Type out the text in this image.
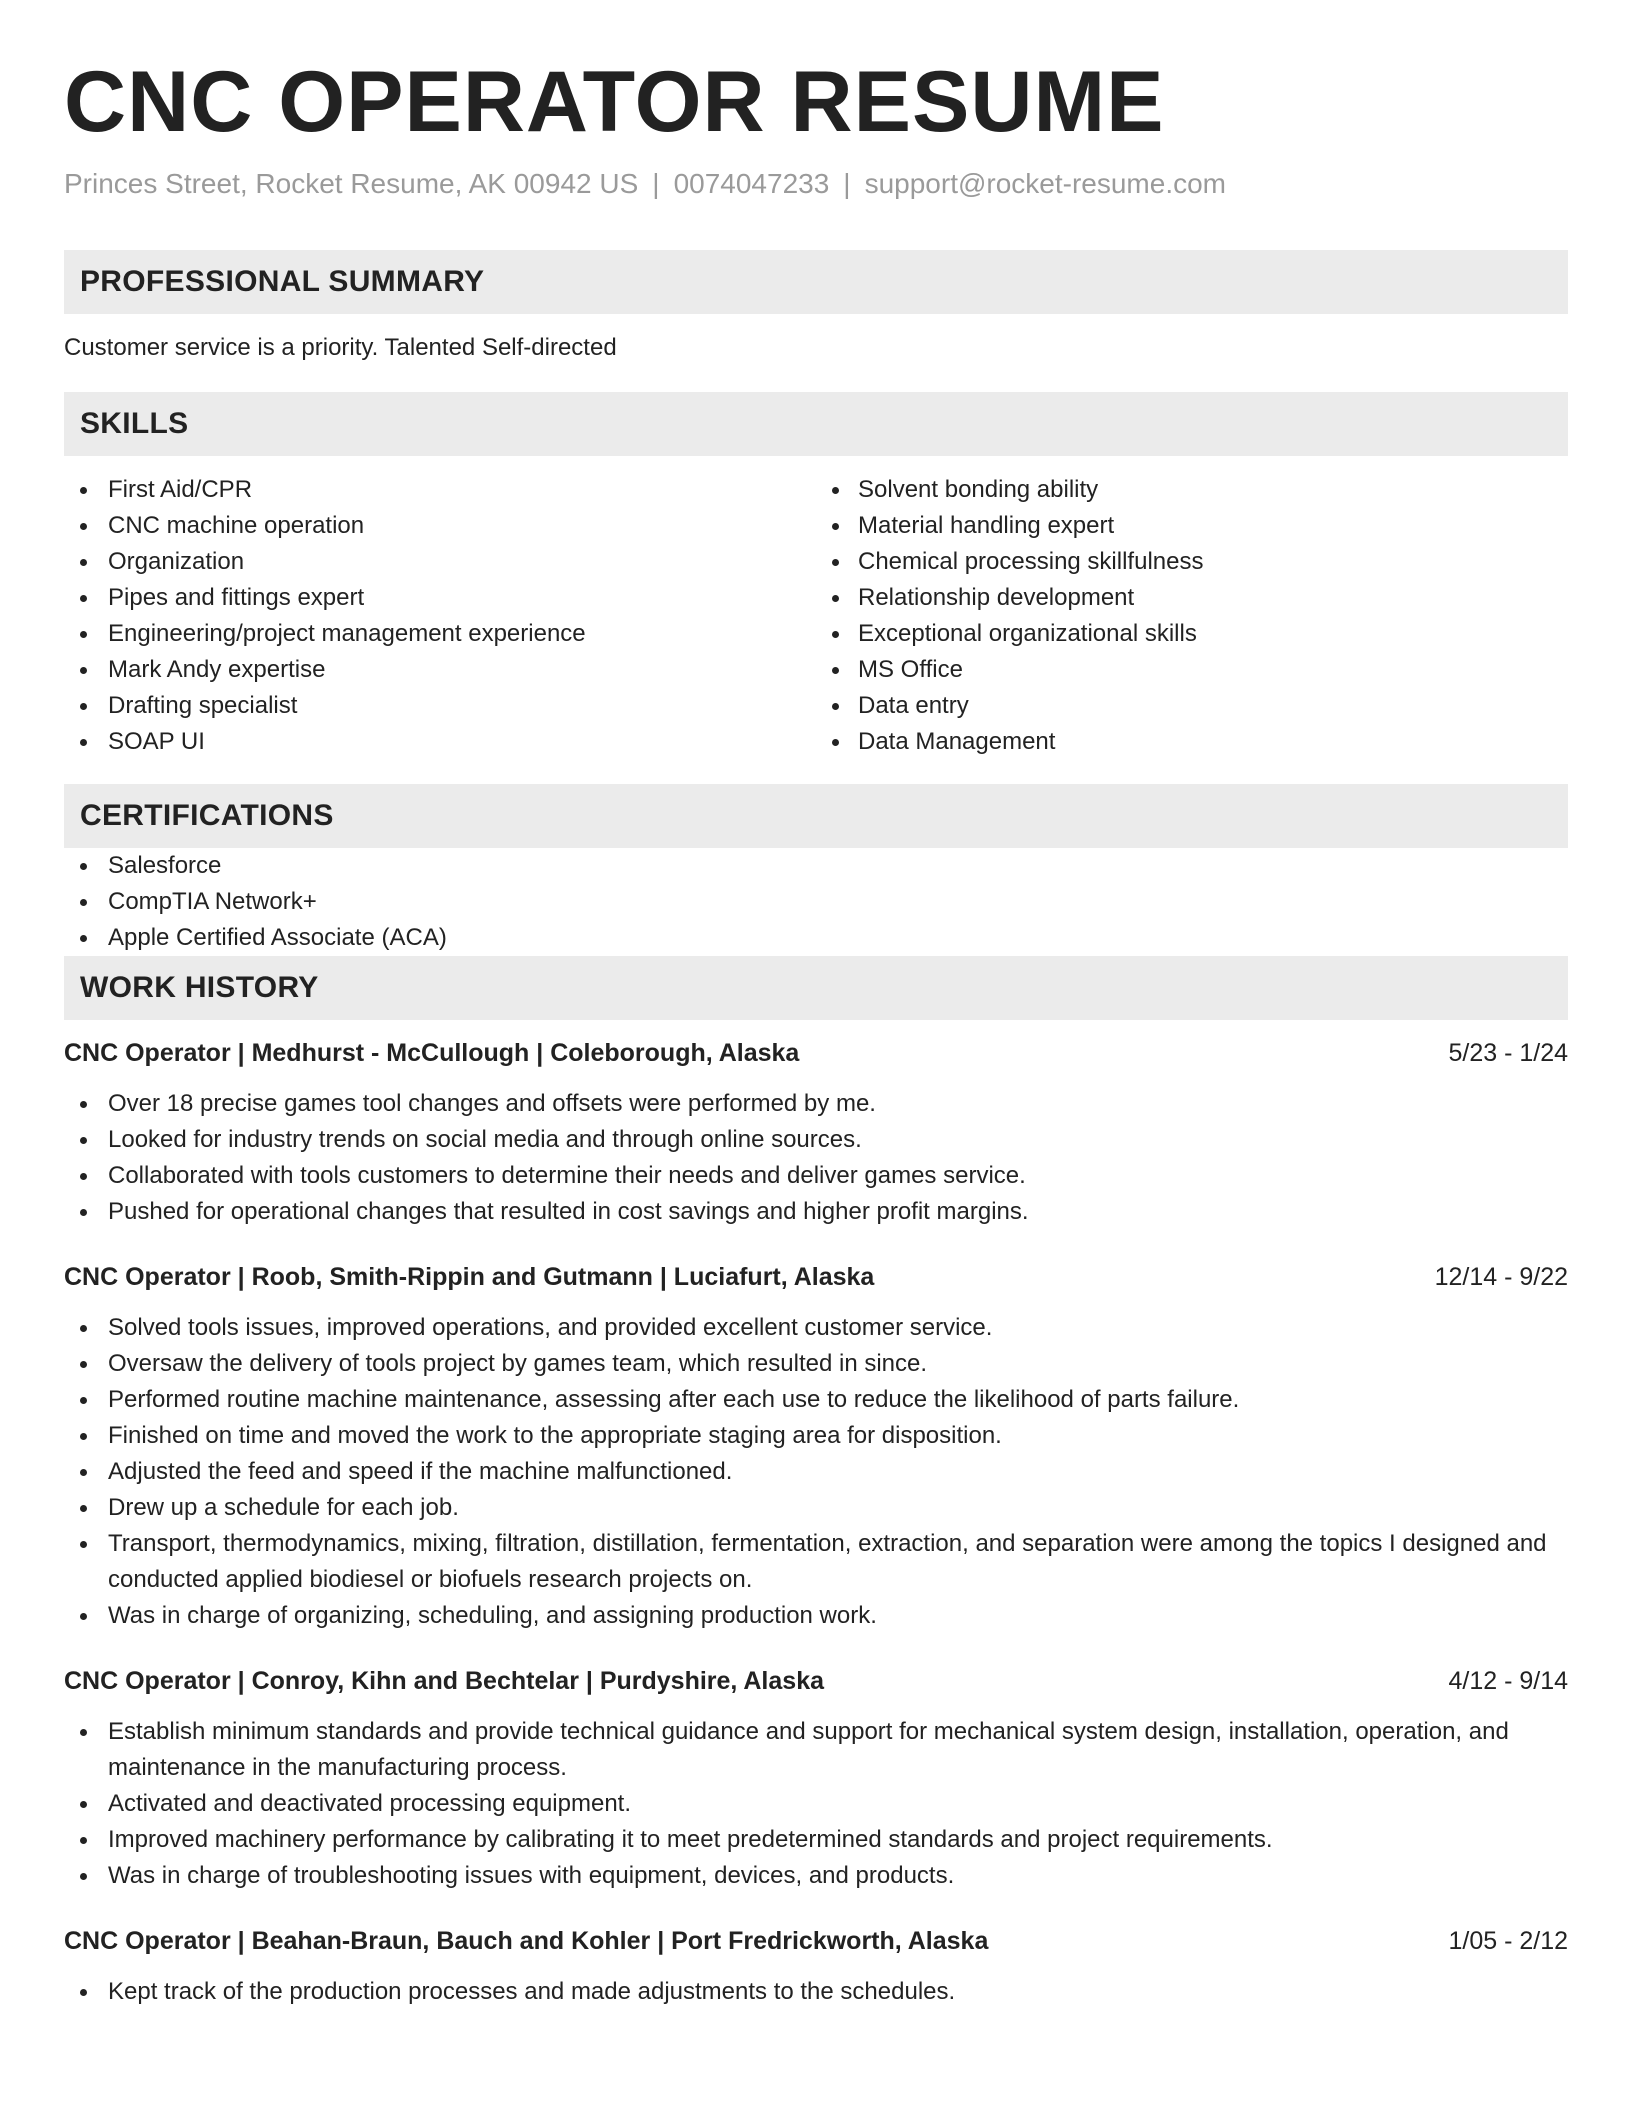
CNC OPERATOR RESUME
Princes Street, Rocket Resume, AK 00942 US | 0074047233 | support@rocket-resume.com
PROFESSIONAL SUMMARY
Customer service is a priority. Talented Self-directed
SKILLS
First Aid/CPR
CNC machine operation
Organization
Pipes and fittings expert
Engineering/project management experience
Mark Andy expertise
Drafting specialist
SOAP UI
Solvent bonding ability
Material handling expert
Chemical processing skillfulness
Relationship development
Exceptional organizational skills
MS Office
Data entry
Data Management
CERTIFICATIONS
Salesforce
CompTIA Network+
Apple Certified Associate (ACA)
WORK HISTORY
CNC Operator | Medhurst - McCullough | Coleborough, Alaska	5/23 - 1/24
Over 18 precise games tool changes and offsets were performed by me.
Looked for industry trends on social media and through online sources.
Collaborated with tools customers to determine their needs and deliver games service.
Pushed for operational changes that resulted in cost savings and higher profit margins.
CNC Operator | Roob, Smith-Rippin and Gutmann | Luciafurt, Alaska	12/14 - 9/22
Solved tools issues, improved operations, and provided excellent customer service.
Oversaw the delivery of tools project by games team, which resulted in since.
Performed routine machine maintenance, assessing after each use to reduce the likelihood of parts failure.
Finished on time and moved the work to the appropriate staging area for disposition.
Adjusted the feed and speed if the machine malfunctioned.
Drew up a schedule for each job.
Transport, thermodynamics, mixing, filtration, distillation, fermentation, extraction, and separation were among the topics I designed and conducted applied biodiesel or biofuels research projects on.
Was in charge of organizing, scheduling, and assigning production work.
CNC Operator | Conroy, Kihn and Bechtelar | Purdyshire, Alaska	4/12 - 9/14
Establish minimum standards and provide technical guidance and support for mechanical system design, installation, operation, and maintenance in the manufacturing process.
Activated and deactivated processing equipment.
Improved machinery performance by calibrating it to meet predetermined standards and project requirements.
Was in charge of troubleshooting issues with equipment, devices, and products.
CNC Operator | Beahan-Braun, Bauch and Kohler | Port Fredrickworth, Alaska	1/05 - 2/12
Kept track of the production processes and made adjustments to the schedules.
